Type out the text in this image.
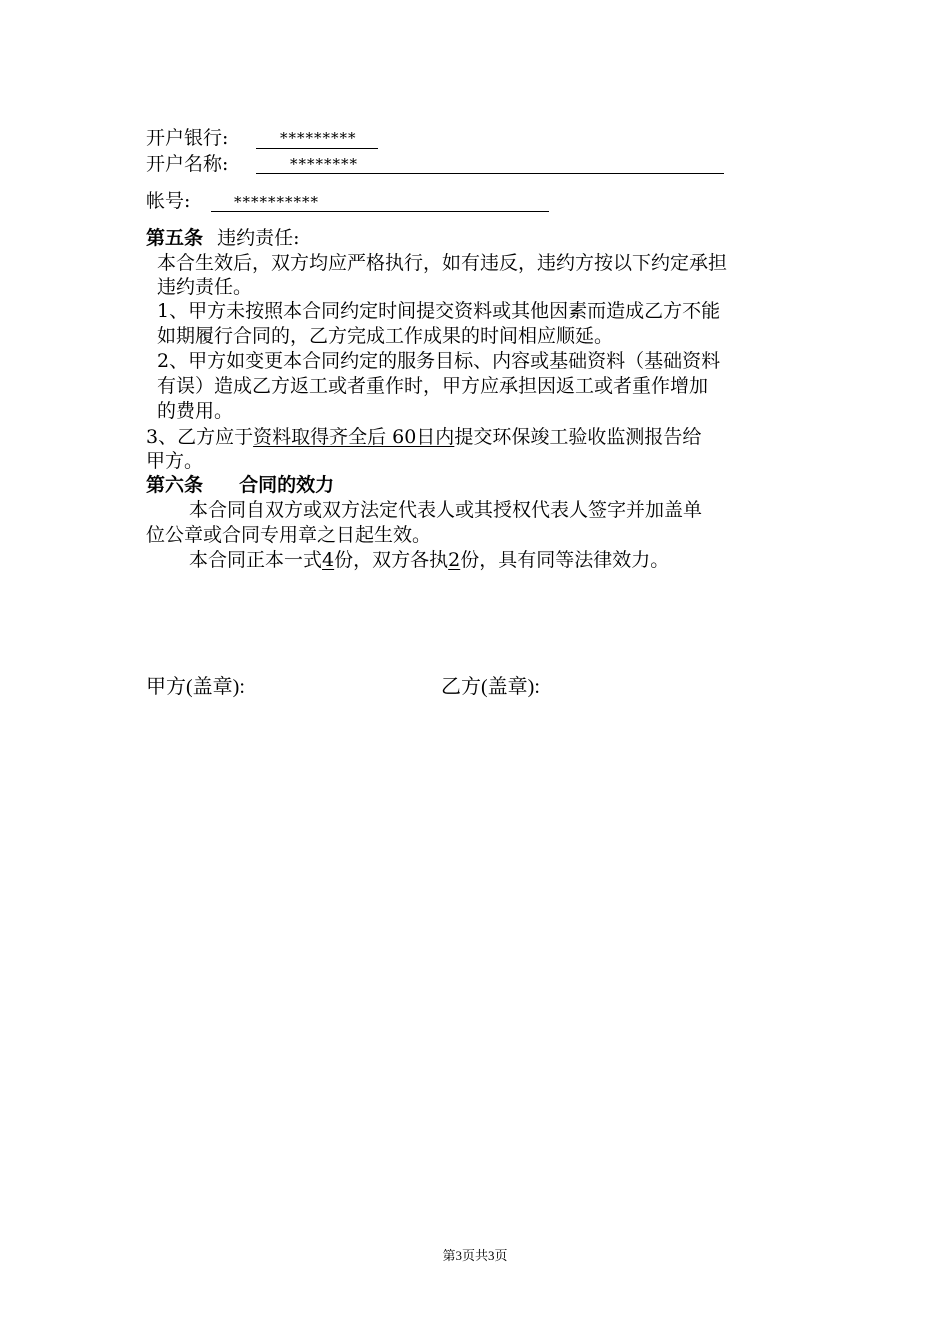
开户银行:	*********
开户名称:	********
帐号:	**********
第五条 违约责任:
本合生效后，双方均应严格执行，如有违反，违约方按以下约定承担
违约责任。
1、甲方未按照本合同约定时间提交资料或其他因素而造成乙方不能
如期履行合同的，乙方完成工作成果的时间相应顺延。
2、甲方如变更本合同约定的服务目标、内容或基础资料（基础资料
有误）造成乙方返工或者重作时，甲方应承担因返工或者重作增加
的费用。
3、乙方应于资料取得齐全后 60日内提交环保竣工验收监测报告给
甲方。
第六条 合同的效力
本合同自双方或双方法定代表人或其授权代表人签字并加盖单
位公章或合同专用章之日起生效。
本合同正本一式4份，双方各执2份，具有同等法律效力。
甲方(盖章):	乙方(盖章):
第3页共3页
